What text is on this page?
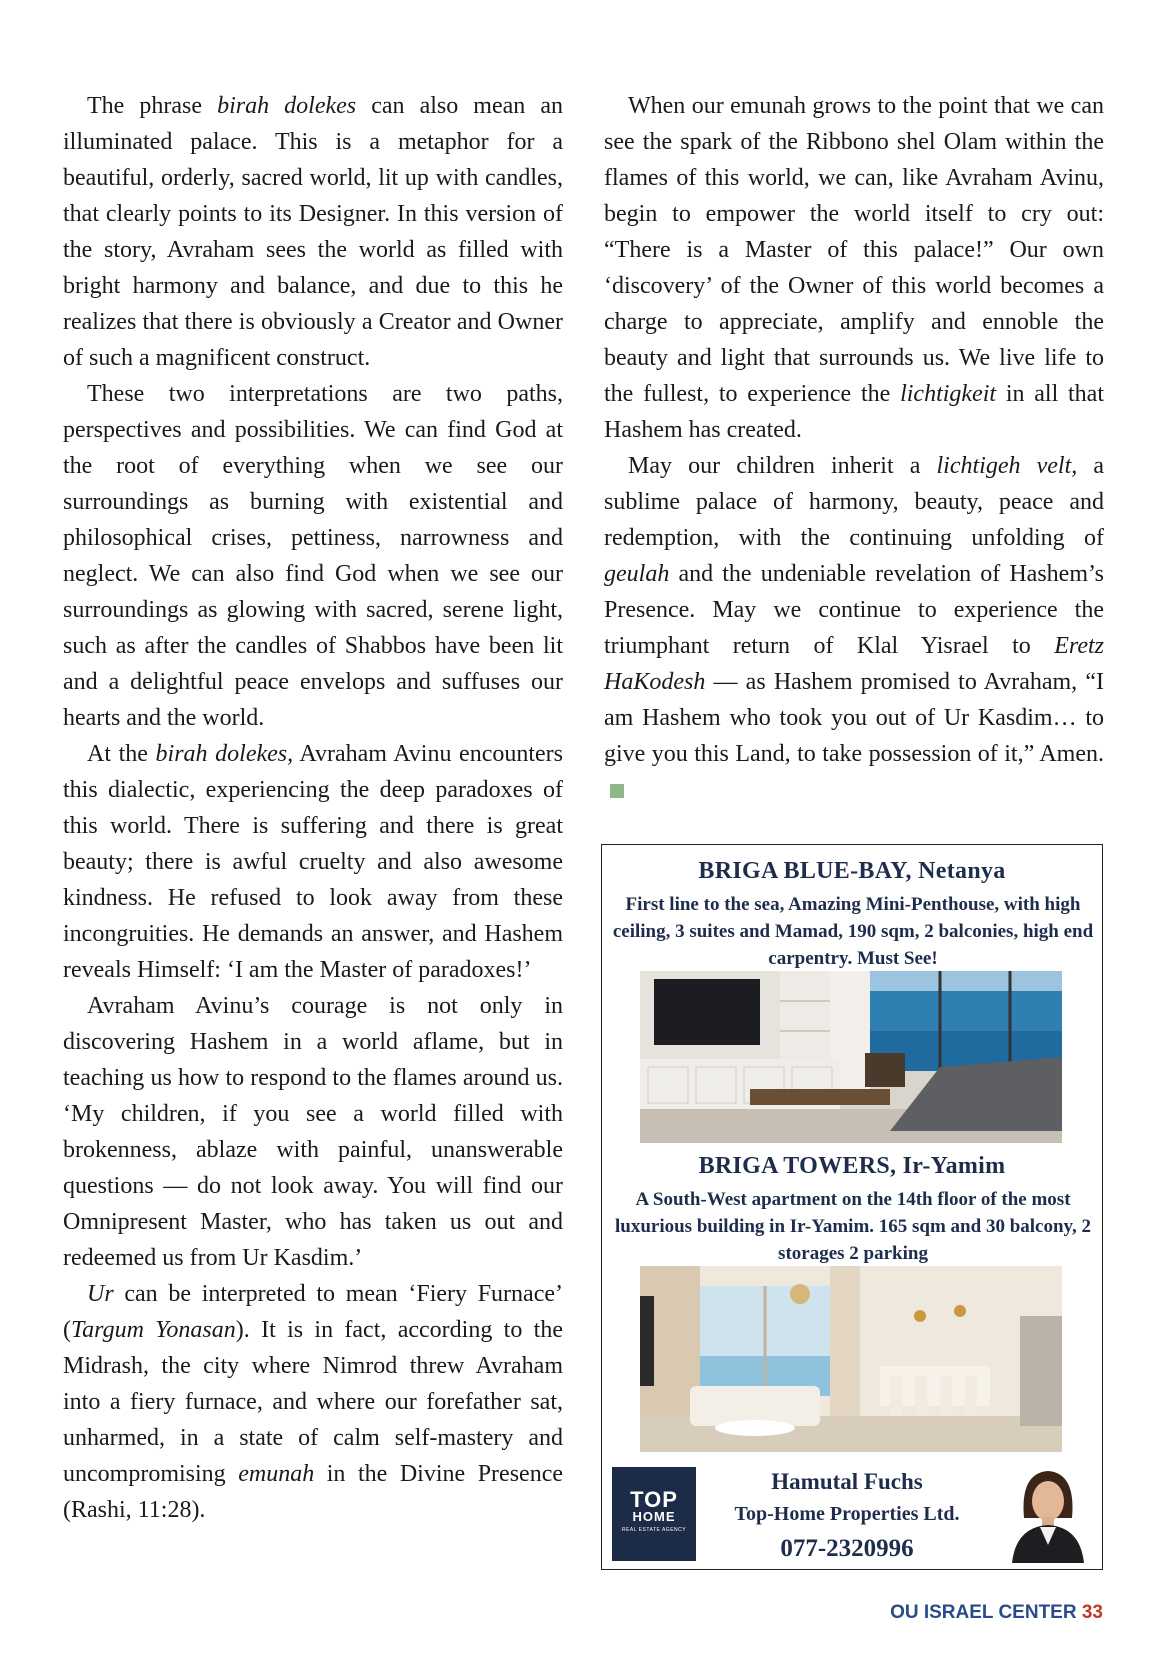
The phrase birah dolekes can also mean an illuminated palace. This is a metaphor for a beautiful, orderly, sacred world, lit up with candles, that clearly points to its Designer. In this version of the story, Avraham sees the world as filled with bright harmony and balance, and due to this he realizes that there is obviously a Creator and Owner of such a magnificent construct.

These two interpretations are two paths, perspectives and possibilities. We can find God at the root of everything when we see our surroundings as burning with existential and philosophical crises, pettiness, narrowness and neglect. We can also find God when we see our surroundings as glowing with sacred, serene light, such as after the candles of Shabbos have been lit and a delightful peace envelops and suffuses our hearts and the world.

At the birah dolekes, Avraham Avinu encounters this dialectic, experiencing the deep paradoxes of this world. There is suffering and there is great beauty; there is awful cruelty and also awesome kindness. He refused to look away from these incongruities. He demands an answer, and Hashem reveals Himself: ‘I am the Master of paradoxes!’

Avraham Avinu’s courage is not only in discovering Hashem in a world aflame, but in teaching us how to respond to the flames around us. ‘My children, if you see a world filled with brokenness, ablaze with painful, unanswerable questions — do not look away. You will find our Omnipresent Master, who has taken us out and redeemed us from Ur Kasdim.’

Ur can be interpreted to mean ‘Fiery Furnace’ (Targum Yonasan). It is in fact, according to the Midrash, the city where Nimrod threw Avraham into a fiery furnace, and where our forefather sat, unharmed, in a state of calm self-mastery and uncompromising emunah in the Divine Presence (Rashi, 11:28).

When our emunah grows to the point that we can see the spark of the Ribbono shel Olam within the flames of this world, we can, like Avraham Avinu, begin to empower the world itself to cry out: “There is a Master of this palace!” Our own ‘discovery’ of the Owner of this world becomes a charge to appreciate, amplify and ennoble the beauty and light that surrounds us. We live life to the fullest, to experience the lichtigkeit in all that Hashem has created.

May our children inherit a lichtigeh velt, a sublime palace of harmony, beauty, peace and redemption, with the continuing unfolding of geulah and the undeniable revelation of Hashem’s Presence. May we continue to experience the triumphant return of Klal Yisrael to Eretz HaKodesh — as Hashem promised to Avraham, “I am Hashem who took you out of Ur Kasdim… to give you this Land, to take possession of it,” Amen.

BRIGA BLUE-BAY, Netanya
First line to the sea, Amazing Mini-Penthouse, with high ceiling, 3 suites and Mamad, 190 sqm, 2 balconies, high end carpentry. Must See!
BRIGA TOWERS, Ir-Yamim
A South-West apartment on the 14th floor of the most luxurious building in Ir-Yamim. 165 sqm and 30 balcony, 2 storages 2 parking
TOP
HOME
REAL ESTATE AGENCY
Hamutal Fuchs
Top-Home Properties Ltd.
077-2320996
OU ISRAEL CENTER 33
